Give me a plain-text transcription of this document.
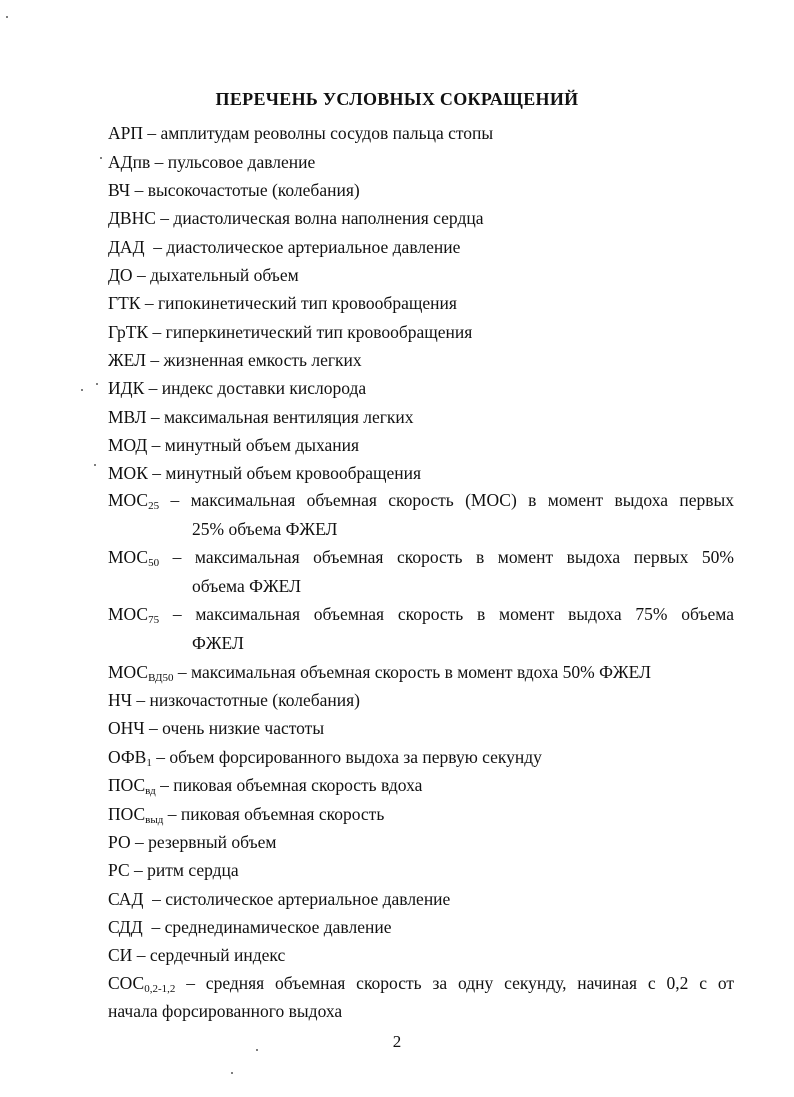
ПЕРЕЧЕНЬ УСЛОВНЫХ СОКРАЩЕНИЙ
АРП – амплитудам реоволны сосудов пальца стопы
АДпв – пульсовое давление
ВЧ – высокочастотые (колебания)
ДВНС – диастолическая волна наполнения сердца
ДАД  – диастолическое артериальное давление
ДО – дыхательный объем
ГТК – гипокинетический тип кровообращения
ГрТК – гиперкинетический тип кровообращения
ЖЕЛ – жизненная емкость легких
ИДК – индекс доставки кислорода
МВЛ – максимальная вентиляция легких
МОД – минутный объем дыхания
МОК – минутный объем кровообращения
$МОС_{25}$ – максимальная объемная скорость (МОС) в момент выдоха первых
25% объема ФЖЕЛ
$МОС_{50}$ – максимальная объемная скорость в момент выдоха первых 50%
объема ФЖЕЛ
$МОС_{75}$ – максимальная объемная скорость в момент выдоха 75% объема
ФЖЕЛ
$МОС_{ВД50}$ – максимальная объемная скорость в момент вдоха 50% ФЖЕЛ
НЧ – низкочастотные (колебания)
ОНЧ – очень низкие частоты
$ОФВ_1$ – объем форсированного выдоха за первую секунду
$ПОС_{вд}$ – пиковая объемная скорость вдоха
$ПОС_{выд}$ – пиковая объемная скорость
РО – резервный объем
РС – ритм сердца
САД  – систолическое артериальное давление
СДД  – среднединамическое давление
СИ – сердечный индекс
$СОС_{0,2-1,2}$ – средняя объемная скорость за одну секунду, начиная с 0,2 с от
начала форсированного выдоха
2
